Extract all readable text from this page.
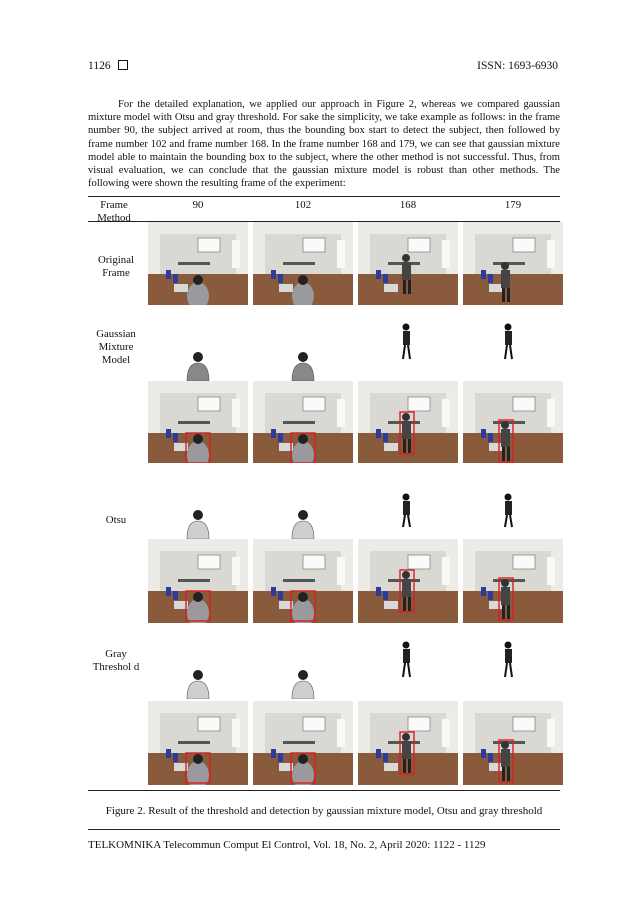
1126	ISSN: 1693-6930

For the detailed explanation, we applied our approach in Figure 2, whereas we compared gaussian mixture model with Otsu and gray threshold. For sake the simplicity, we take example as follows: in the frame number 90, the subject arrived at room, thus the bounding box start to detect the subject, then followed by frame number 102 and frame number 168. In the frame number 168 and 179, we can see that gaussian mixture model able to maintain the bounding box to the subject, where the other method is not successful. Thus, from visual evaluation, we can conclude that the gaussian mixture model is robust than other methods. The following were shown the resulting frame of the experiment:

Frame
Method
90	102	168	179
Original Frame
Gaussian Mixture Model
Otsu
Gray Threshol d
Figure 2. Result of the threshold and detection by gaussian mixture model, Otsu and gray threshold
TELKOMNIKA Telecommun Comput El Control, Vol. 18, No. 2, April 2020: 1122 - 1129
